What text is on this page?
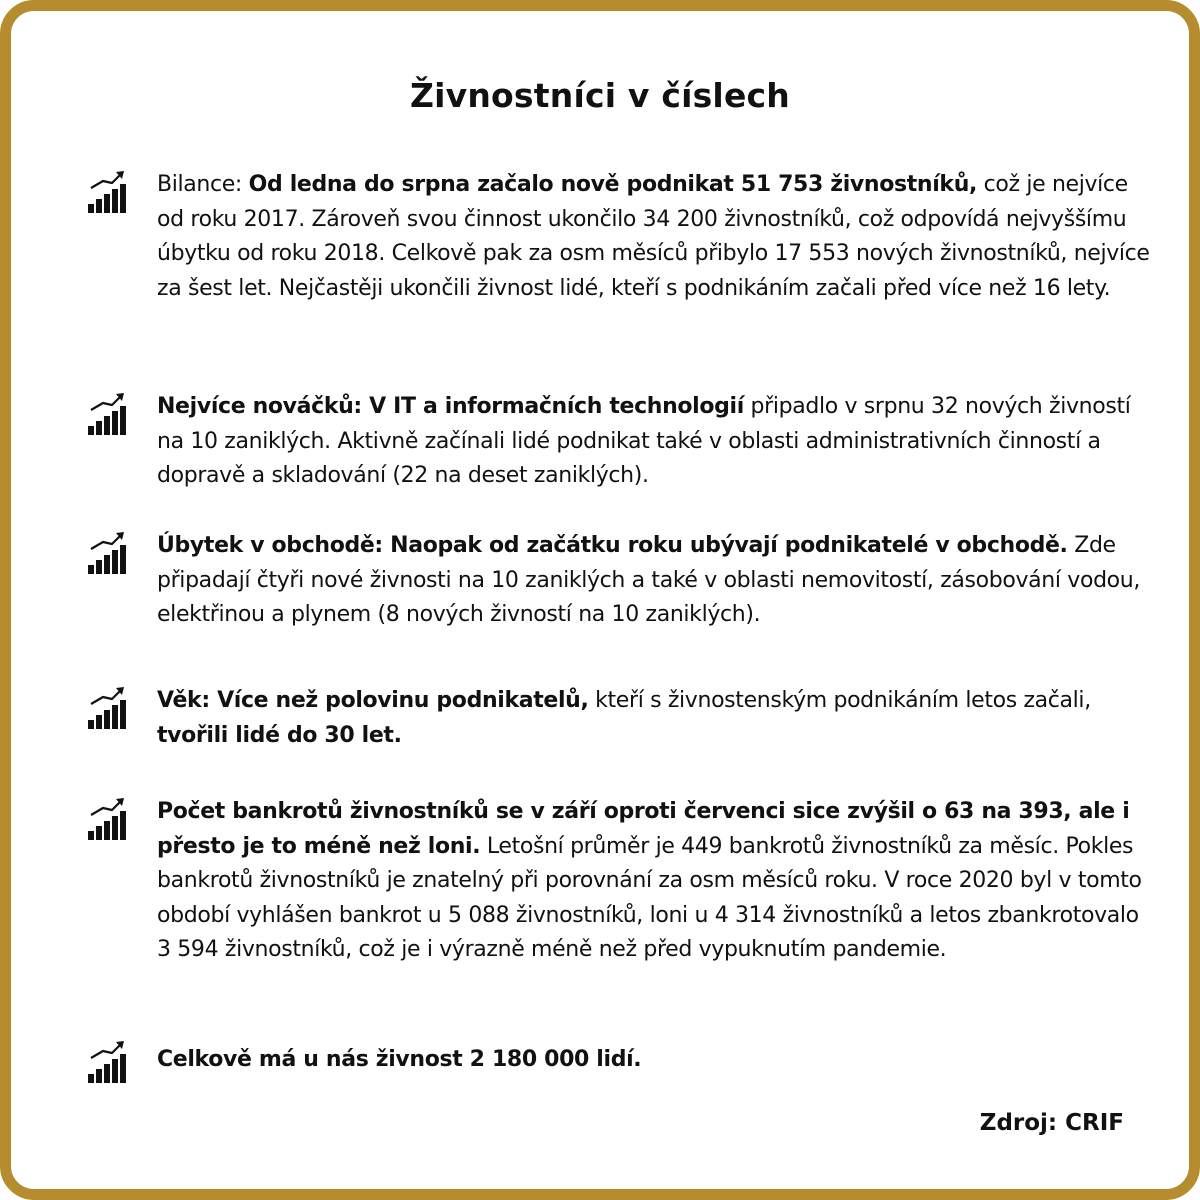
Živnostníci v číslech

Bilance: Od ledna do srpna začalo nově podnikat 51 753 živnostníků, což je nejvíce od roku 2017. Zároveň svou činnost ukončilo 34 200 živnostníků, což odpovídá nejvyššímu úbytku od roku 2018. Celkově pak za osm měsíců přibylo 17 553 nových živnostníků, nejvíce za šest let. Nejčastěji ukončili živnost lidé, kteří s podnikáním začali před více než 16 lety.

Nejvíce nováčků: V IT a informačních technologií připadlo v srpnu 32 nových živností na 10 zaniklých. Aktivně začínali lidé podnikat také v oblasti administrativních činností a dopravě a skladování (22 na deset zaniklých).

Úbytek v obchodě: Naopak od začátku roku ubývají podnikatelé v obchodě. Zde připadají čtyři nové živnosti na 10 zaniklých a také v oblasti nemovitostí, zásobování vodou, elektřinou a plynem (8 nových živností na 10 zaniklých).

Věk: Více než polovinu podnikatelů, kteří s živnostenským podnikáním letos začali, tvořili lidé do 30 let.

Počet bankrotů živnostníků se v září oproti červenci sice zvýšil o 63 na 393, ale i přesto je to méně než loni. Letošní průměr je 449 bankrotů živnostníků za měsíc. Pokles bankrotů živnostníků je znatelný při porovnání za osm měsíců roku. V roce 2020 byl v tomto období vyhlášen bankrot u 5 088 živnostníků, loni u 4 314 živnostníků a letos zbankrotovalo 3 594 živnostníků, což je i výrazně méně než před vypuknutím pandemie.

Celkově má u nás živnost 2 180 000 lidí.

Zdroj: CRIF
